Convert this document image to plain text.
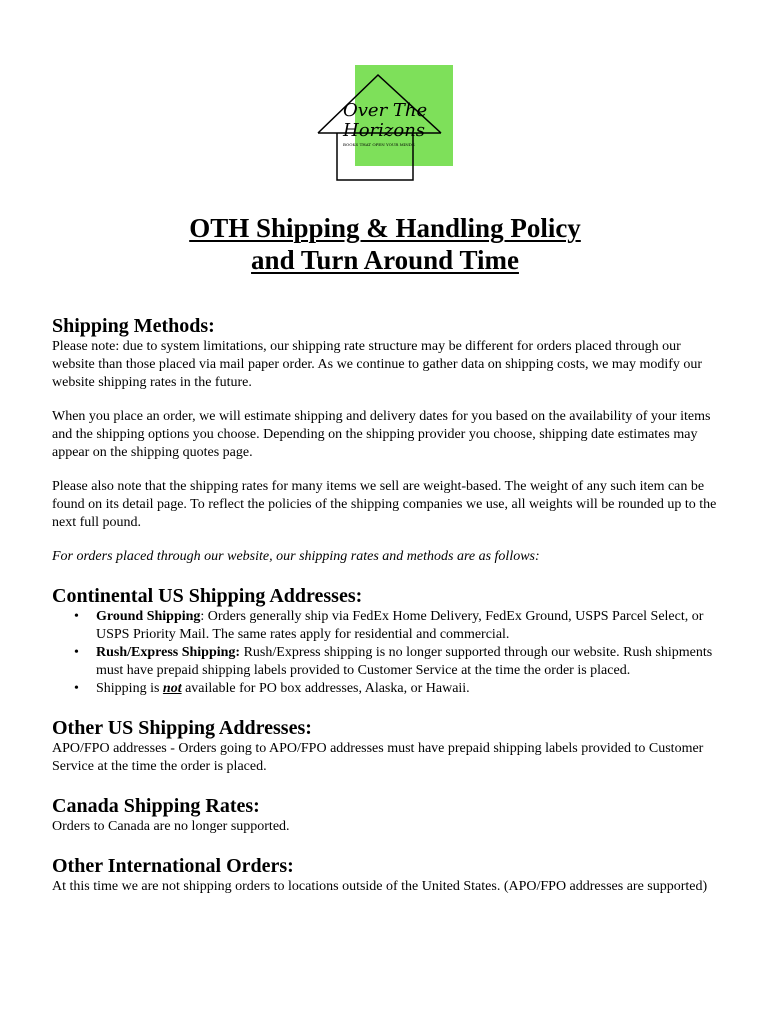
Over The
Horizons
BOOKS THAT OPEN YOUR MINDS
OTH Shipping & Handling Policy
and Turn Around Time
Shipping Methods:

Please note: due to system limitations, our shipping rate structure may be different for orders placed through our website than those placed via mail paper order. As we continue to gather data on shipping costs, we may modify our website shipping rates in the future.

When you place an order, we will estimate shipping and delivery dates for you based on the availability of your items and the shipping options you choose. Depending on the shipping provider you choose, shipping date estimates may appear on the shipping quotes page.

Please also note that the shipping rates for many items we sell are weight-based. The weight of any such item can be found on its detail page. To reflect the policies of the shipping companies we use, all weights will be rounded up to the next full pound.

For orders placed through our website, our shipping rates and methods are as follows:

Continental US Shipping Addresses:
• Ground Shipping: Orders generally ship via FedEx Home Delivery, FedEx Ground, USPS Parcel Select, or USPS Priority Mail. The same rates apply for residential and commercial.
• Rush/Express Shipping: Rush/Express shipping is no longer supported through our website. Rush shipments must have prepaid shipping labels provided to Customer Service at the time the order is placed.
• Shipping is not available for PO box addresses, Alaska, or Hawaii.
Other US Shipping Addresses:

APO/FPO addresses - Orders going to APO/FPO addresses must have prepaid shipping labels provided to Customer Service at the time the order is placed.

Canada Shipping Rates:

Orders to Canada are no longer supported.

Other International Orders:

At this time we are not shipping orders to locations outside of the United States. (APO/FPO addresses are supported)
